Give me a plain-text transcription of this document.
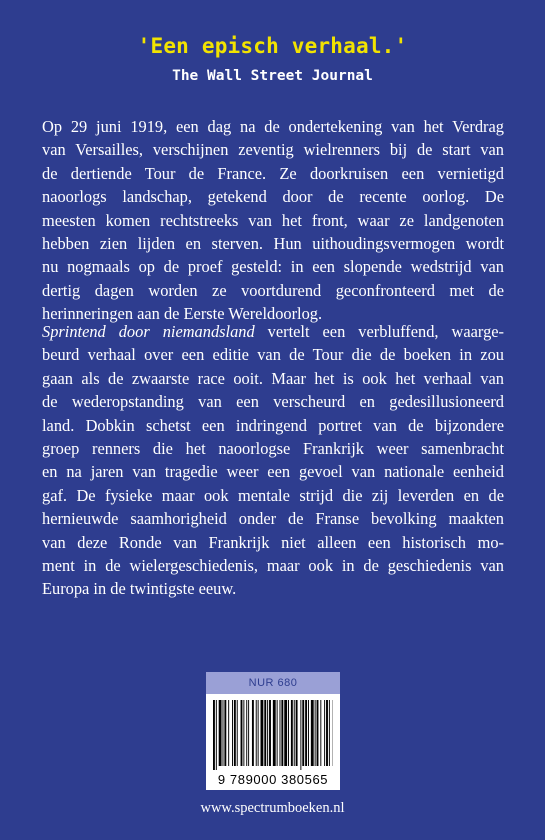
'Een episch verhaal.'
The Wall Street Journal
Op 29 juni 1919, een dag na de ondertekening van het Verdrag
van Versailles, verschijnen zeventig wielrenners bij de start van
de dertiende Tour de France. Ze doorkruisen een vernietigd
naoorlogs landschap, getekend door de recente oorlog. De
meesten komen rechtstreeks van het front, waar ze landgenoten
hebben zien lijden en sterven. Hun uithoudingsvermogen wordt
nu nogmaals op de proef gesteld: in een slopende wedstrijd van
dertig dagen worden ze voortdurend geconfronteerd met de
herinneringen aan de Eerste Wereldoorlog.
Sprintend door niemandsland vertelt een verbluffend, waarge-
beurd verhaal over een editie van de Tour die de boeken in zou
gaan als de zwaarste race ooit. Maar het is ook het verhaal van
de wederopstanding van een verscheurd en gedesillusioneerd
land. Dobkin schetst een indringend portret van de bijzondere
groep renners die het naoorlogse Frankrijk weer samenbracht
en na jaren van tragedie weer een gevoel van nationale eenheid
gaf. De fysieke maar ook mentale strijd die zij leverden en de
hernieuwde saamhorigheid onder de Franse bevolking maakten
van deze Ronde van Frankrijk niet alleen een historisch mo-
ment in de wielergeschiedenis, maar ook in de geschiedenis van
Europa in de twintigste eeuw.
NUR 680
9 789000 380565
www.spectrumboeken.nl
